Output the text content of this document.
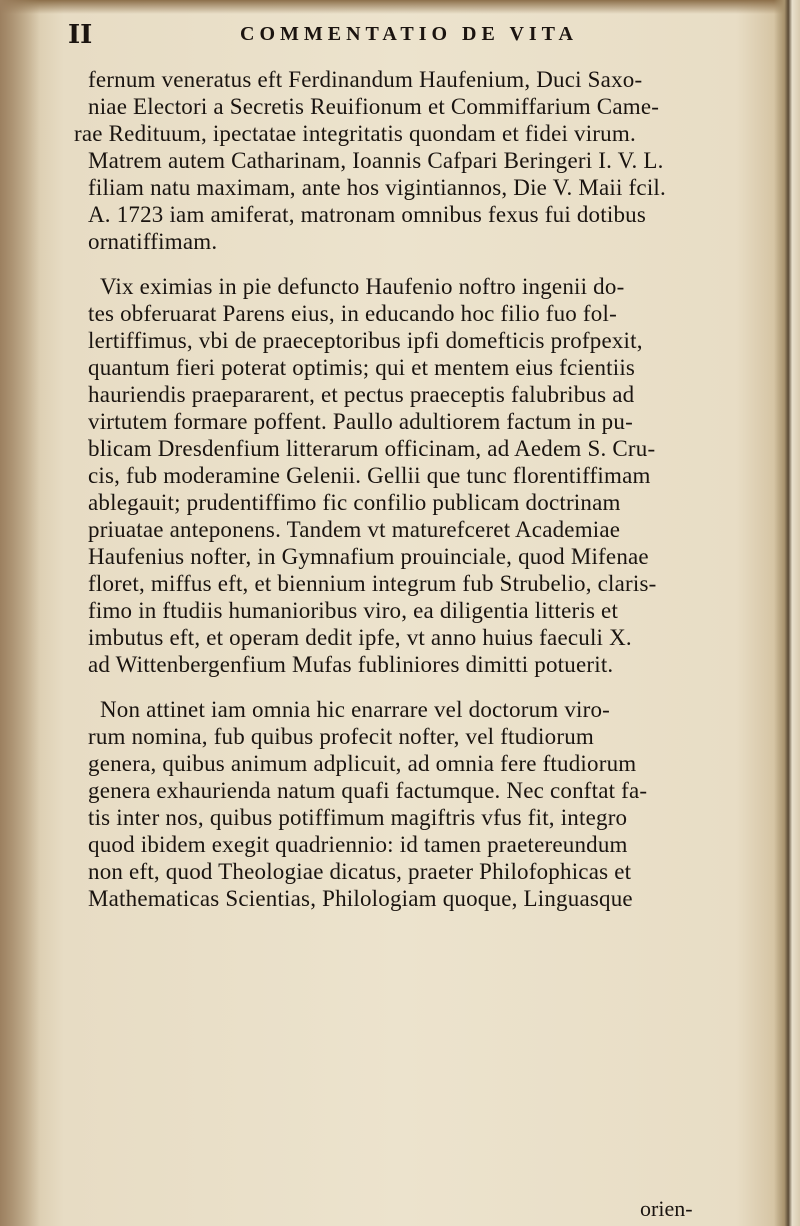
II	COMMENTATIO DE VITA
fernum veneratus eft Ferdinandum Haufenium, Duci Saxo-
niae Electori a Secretis Reuifionum et Commiffarium Came-
rae Redituum, ipectatae integritatis quondam et fidei virum.
Matrem autem Catharinam, Ioannis Cafpari Beringeri I. V. L.
filiam natu maximam, ante hos vigintiannos, Die V. Maii fcil.
A. 1723 iam amiferat, matronam omnibus fexus fui dotibus
ornatiffimam.
Vix eximias in pie defuncto Haufenio noftro ingenii do-
tes obferuarat Parens eius, in educando hoc filio fuo fol-
lertiffimus, vbi de praeceptoribus ipfi domefticis profpexit,
quantum fieri poterat optimis; qui et mentem eius fcientiis
hauriendis praepararent, et pectus praeceptis falubribus ad
virtutem formare poffent. Paullo adultiorem factum in pu-
blicam Dresdenfium litterarum officinam, ad Aedem S. Cru-
cis, fub moderamine Gelenii. Gellii que tunc florentiffimam
ablegauit; prudentiffimo fic confilio publicam doctrinam
priuatae anteponens. Tandem vt maturefceret Academiae
Haufenius nofter, in Gymnafium prouinciale, quod Mifenae
floret, miffus eft, et biennium integrum fub Strubelio, claris-
fimo in ftudiis humanioribus viro, ea diligentia litteris et
imbutus eft, et operam dedit ipfe, vt anno huius faeculi X.
ad Wittenbergenfium Mufas fubliniores dimitti potuerit.
Non attinet iam omnia hic enarrare vel doctorum viro-
rum nomina, fub quibus profecit nofter, vel ftudiorum
genera, quibus animum adplicuit, ad omnia fere ftudiorum
genera exhaurienda natum quafi factumque. Nec conftat fa-
tis inter nos, quibus potiffimum magiftris vfus fit, integro
quod ibidem exegit quadriennio: id tamen praetereundum
non eft, quod Theologiae dicatus, praeter Philofophicas et
Mathematicas Scientias, Philologiam quoque, Linguasque
orien-
